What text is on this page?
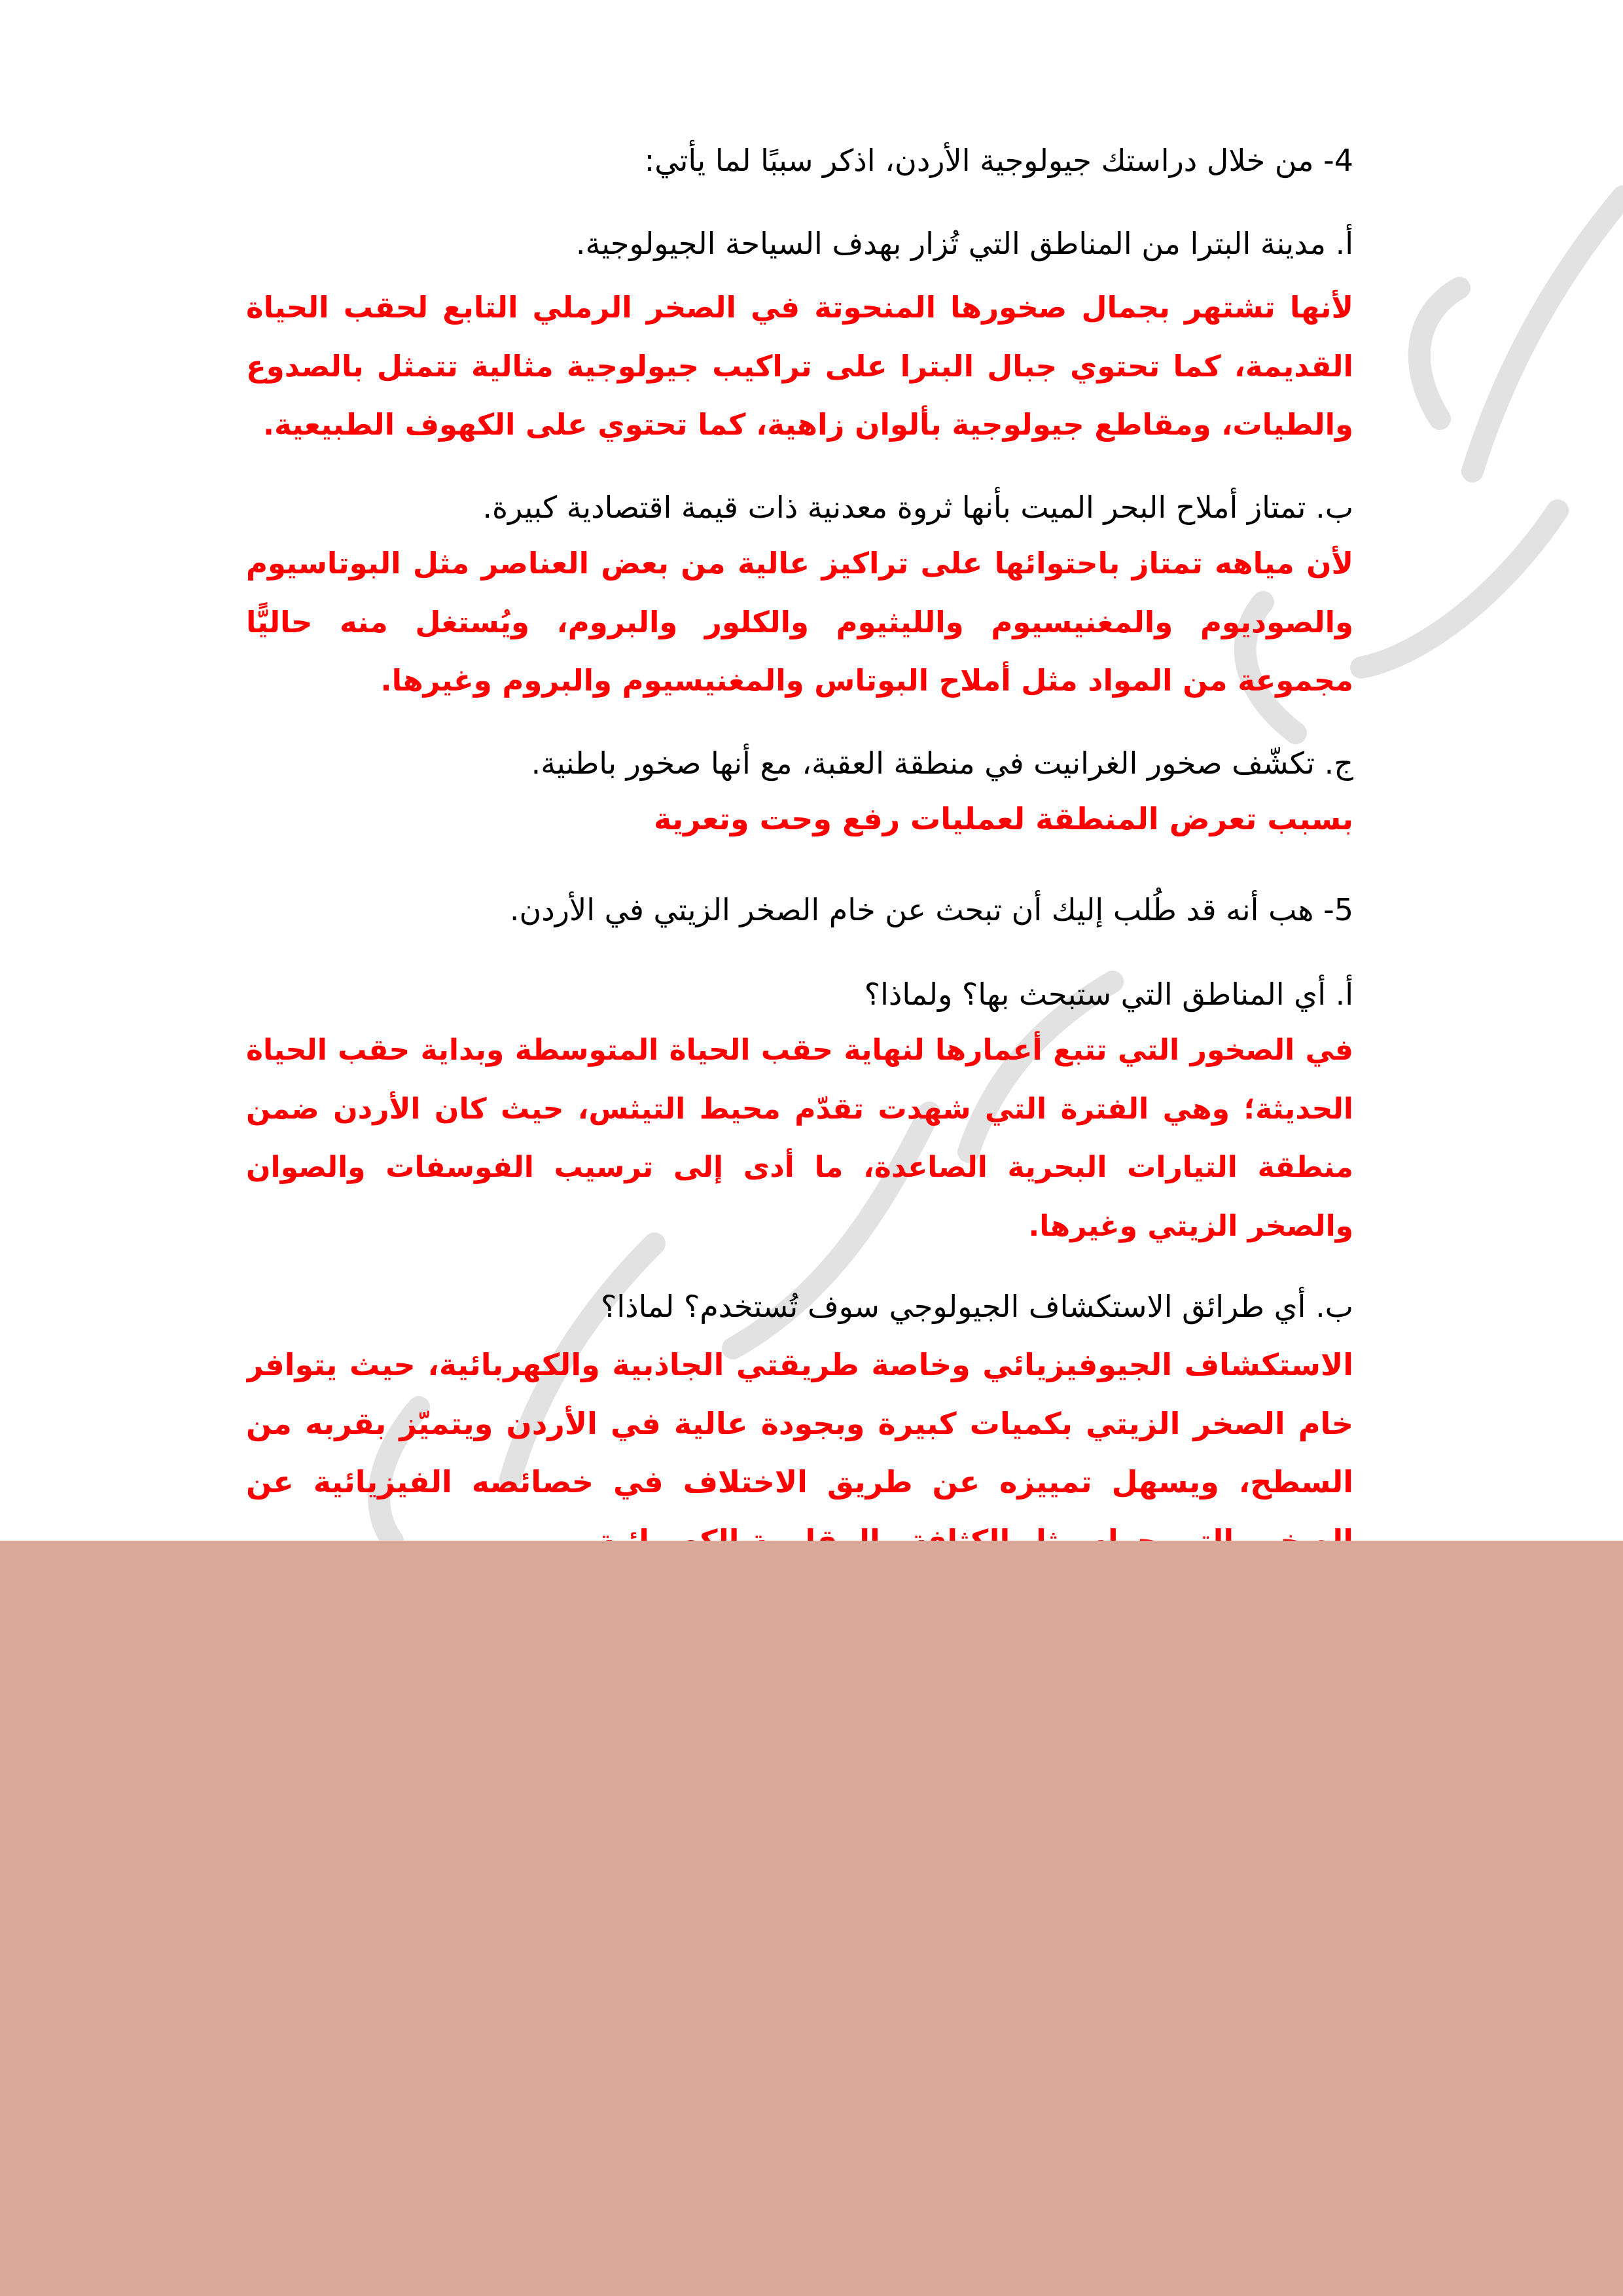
4- من خلال دراستك جيولوجية الأردن، اذكر سببًا لما يأتي:
أ. مدينة البترا من المناطق التي تُزار بهدف السياحة الجيولوجية.
لأنها تشتهر بجمال صخورها المنحوتة في الصخر الرملي التابع لحقب الحياة
القديمة، كما تحتوي جبال البترا على تراكيب جيولوجية مثالية تتمثل بالصدوع
والطيات، ومقاطع جيولوجية بألوان زاهية، كما تحتوي على الكهوف الطبيعية.
ب. تمتاز أملاح البحر الميت بأنها ثروة معدنية ذات قيمة اقتصادية كبيرة.
لأن مياهه تمتاز باحتوائها على تراكيز عالية من بعض العناصر مثل البوتاسيوم
والصوديوم والمغنيسيوم والليثيوم والكلور والبروم، ويُستغل منه حاليًّا
مجموعة من المواد مثل أملاح البوتاس والمغنيسيوم والبروم وغيرها.
ج. تكشّف صخور الغرانيت في منطقة العقبة، مع أنها صخور باطنية.
بسبب تعرض المنطقة لعمليات رفع وحت وتعرية
5- هب أنه قد طُلب إليك أن تبحث عن خام الصخر الزيتي في الأردن.
أ. أي المناطق التي ستبحث بها؟ ولماذا؟
في الصخور التي تتبع أعمارها لنهاية حقب الحياة المتوسطة وبداية حقب الحياة
الحديثة؛ وهي الفترة التي شهدت تقدّم محيط التيثس، حيث كان الأردن ضمن
منطقة التيارات البحرية الصاعدة، ما أدى إلى ترسيب الفوسفات والصوان
والصخر الزيتي وغيرها.
ب. أي طرائق الاستكشاف الجيولوجي سوف تُستخدم؟ لماذا؟
الاستكشاف الجيوفيزيائي وخاصة طريقتي الجاذبية والكهربائية، حيث يتوافر
خام الصخر الزيتي بكميات كبيرة وبجودة عالية في الأردن ويتميّز بقربه من
السطح، ويسهل تمييزه عن طريق الاختلاف في خصائصه الفيزيائية عن
